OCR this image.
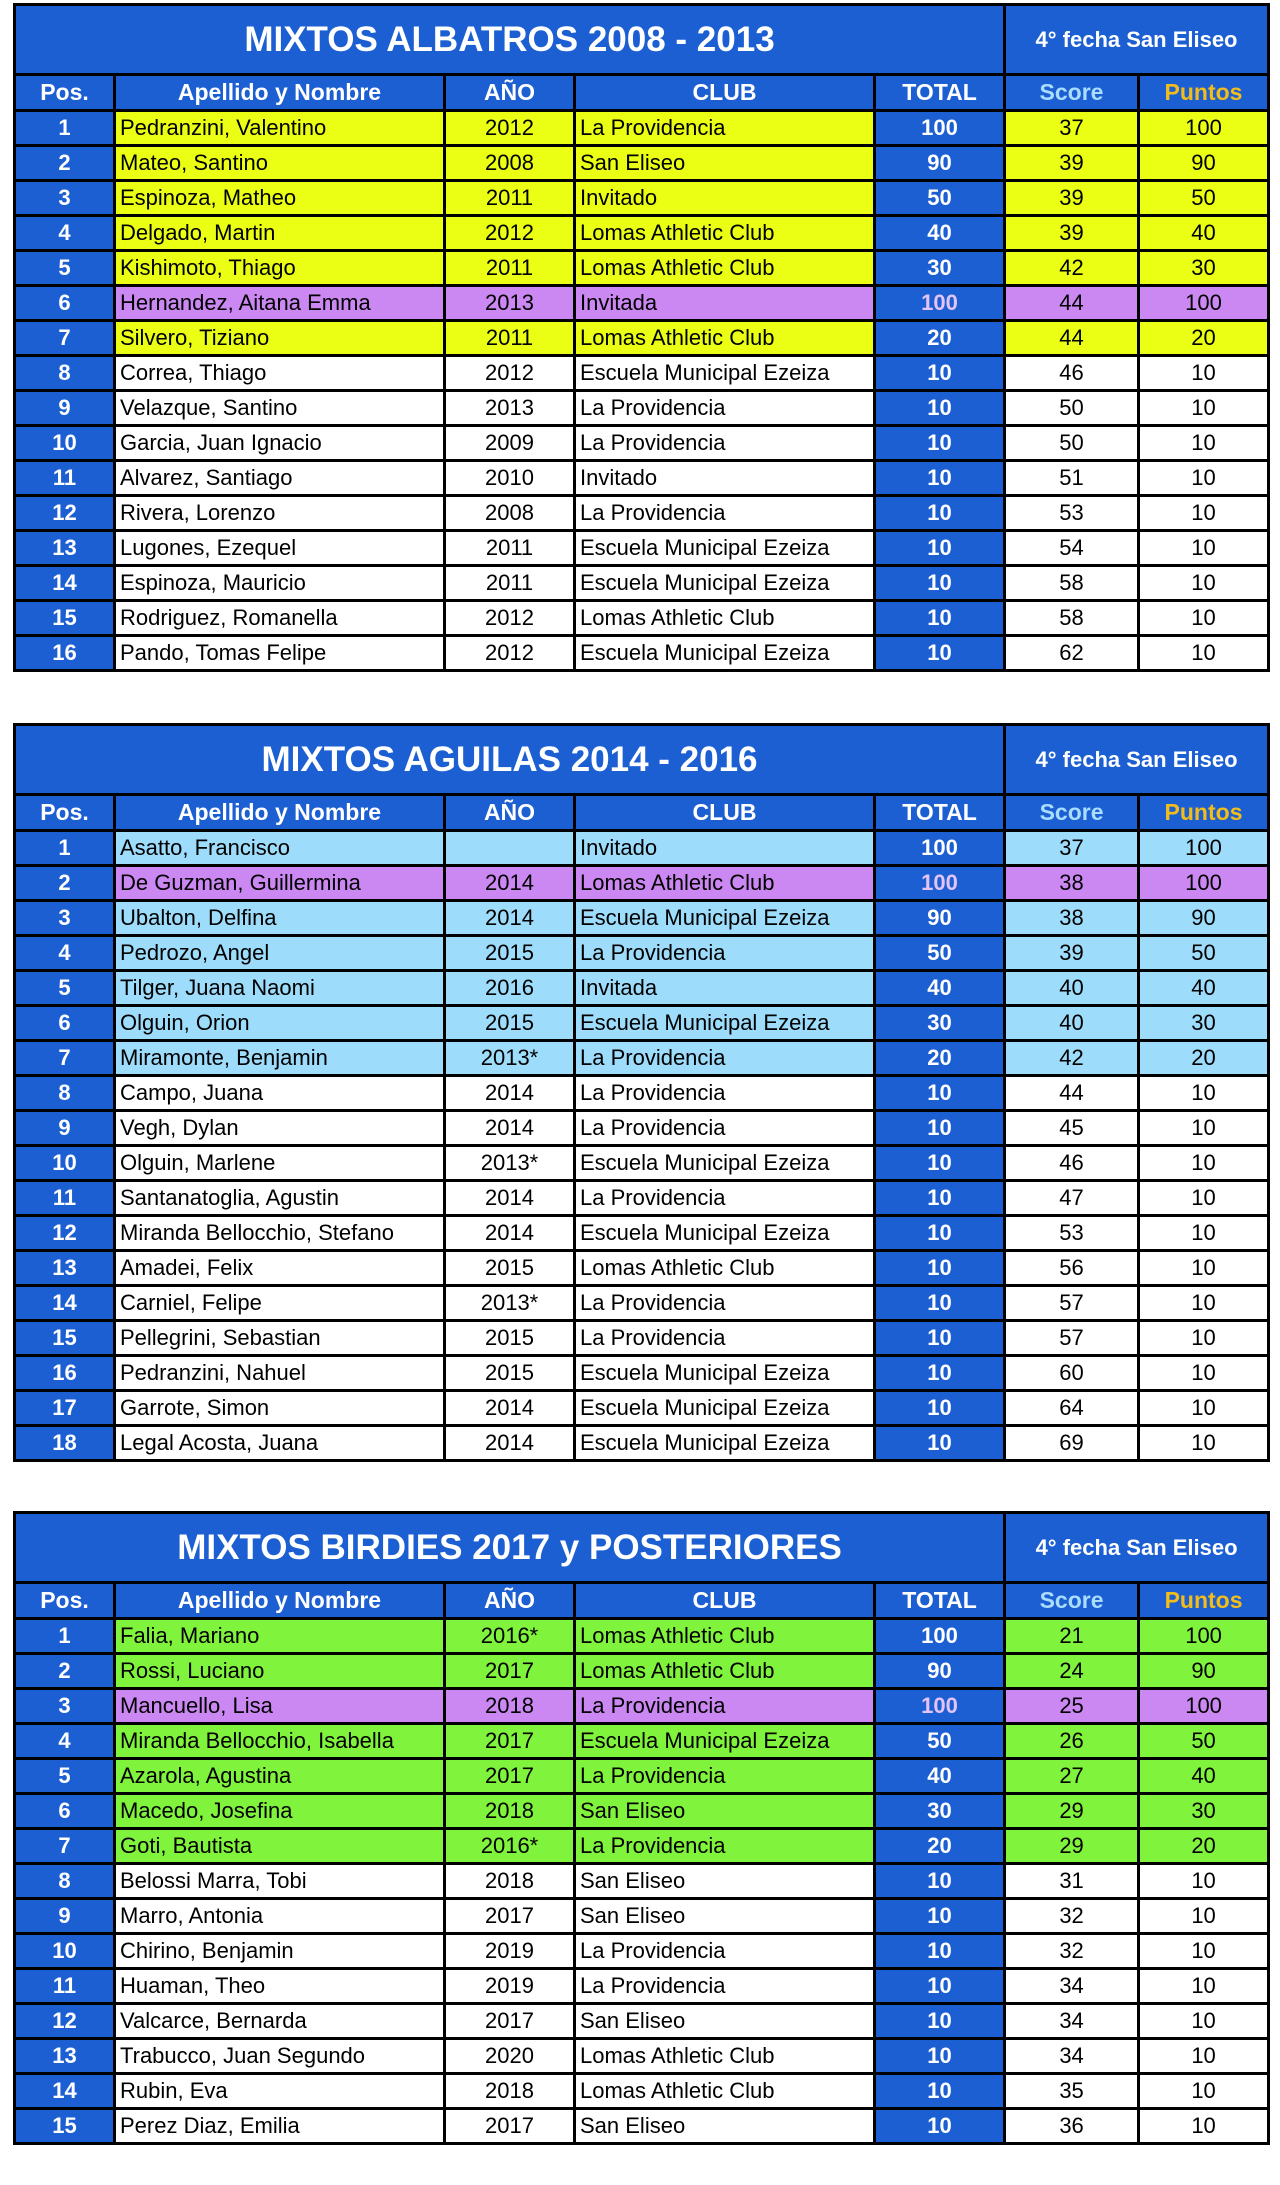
MIXTOS ALBATROS 2008 - 2013					4° fecha San Eliseo	
Pos.	Apellido y Nombre	AÑO	CLUB	TOTAL	Score	Puntos
1	Pedranzini, Valentino	2012	La Providencia	100	37	100
2	Mateo, Santino	2008	San Eliseo	90	39	90
3	Espinoza, Matheo	2011	Invitado	50	39	50
4	Delgado, Martin	2012	Lomas Athletic Club	40	39	40
5	Kishimoto, Thiago	2011	Lomas Athletic Club	30	42	30
6	Hernandez, Aitana Emma	2013	Invitada	100	44	100
7	Silvero, Tiziano	2011	Lomas Athletic Club	20	44	20
8	Correa, Thiago	2012	Escuela Municipal Ezeiza	10	46	10
9	Velazque, Santino	2013	La Providencia	10	50	10
10	Garcia, Juan Ignacio	2009	La Providencia	10	50	10
11	Alvarez, Santiago	2010	Invitado	10	51	10
12	Rivera, Lorenzo	2008	La Providencia	10	53	10
13	Lugones, Ezequel	2011	Escuela Municipal Ezeiza	10	54	10
14	Espinoza, Mauricio	2011	Escuela Municipal Ezeiza	10	58	10
15	Rodriguez, Romanella	2012	Lomas Athletic Club	10	58	10
16	Pando, Tomas Felipe	2012	Escuela Municipal Ezeiza	10	62	10
MIXTOS AGUILAS 2014 - 2016					4° fecha San Eliseo	
Pos.	Apellido y Nombre	AÑO	CLUB	TOTAL	Score	Puntos
1	Asatto, Francisco		Invitado	100	37	100
2	De Guzman, Guillermina	2014	Lomas Athletic Club	100	38	100
3	Ubalton, Delfina	2014	Escuela Municipal Ezeiza	90	38	90
4	Pedrozo, Angel	2015	La Providencia	50	39	50
5	Tilger, Juana Naomi	2016	Invitada	40	40	40
6	Olguin, Orion	2015	Escuela Municipal Ezeiza	30	40	30
7	Miramonte, Benjamin	2013*	La Providencia	20	42	20
8	Campo, Juana	2014	La Providencia	10	44	10
9	Vegh, Dylan	2014	La Providencia	10	45	10
10	Olguin, Marlene	2013*	Escuela Municipal Ezeiza	10	46	10
11	Santanatoglia, Agustin	2014	La Providencia	10	47	10
12	Miranda Bellocchio, Stefano	2014	Escuela Municipal Ezeiza	10	53	10
13	Amadei, Felix	2015	Lomas Athletic Club	10	56	10
14	Carniel, Felipe	2013*	La Providencia	10	57	10
15	Pellegrini, Sebastian	2015	La Providencia	10	57	10
16	Pedranzini, Nahuel	2015	Escuela Municipal Ezeiza	10	60	10
17	Garrote, Simon	2014	Escuela Municipal Ezeiza	10	64	10
18	Legal Acosta, Juana	2014	Escuela Municipal Ezeiza	10	69	10
MIXTOS BIRDIES 2017 y POSTERIORES					4° fecha San Eliseo	
Pos.	Apellido y Nombre	AÑO	CLUB	TOTAL	Score	Puntos
1	Falia, Mariano	2016*	Lomas Athletic Club	100	21	100
2	Rossi, Luciano	2017	Lomas Athletic Club	90	24	90
3	Mancuello, Lisa	2018	La Providencia	100	25	100
4	Miranda Bellocchio, Isabella	2017	Escuela Municipal Ezeiza	50	26	50
5	Azarola, Agustina	2017	La Providencia	40	27	40
6	Macedo, Josefina	2018	San Eliseo	30	29	30
7	Goti, Bautista	2016*	La Providencia	20	29	20
8	Belossi Marra, Tobi	2018	San Eliseo	10	31	10
9	Marro, Antonia	2017	San Eliseo	10	32	10
10	Chirino, Benjamin	2019	La Providencia	10	32	10
11	Huaman, Theo	2019	La Providencia	10	34	10
12	Valcarce, Bernarda	2017	San Eliseo	10	34	10
13	Trabucco, Juan Segundo	2020	Lomas Athletic Club	10	34	10
14	Rubin, Eva	2018	Lomas Athletic Club	10	35	10
15	Perez Diaz, Emilia	2017	San Eliseo	10	36	10
